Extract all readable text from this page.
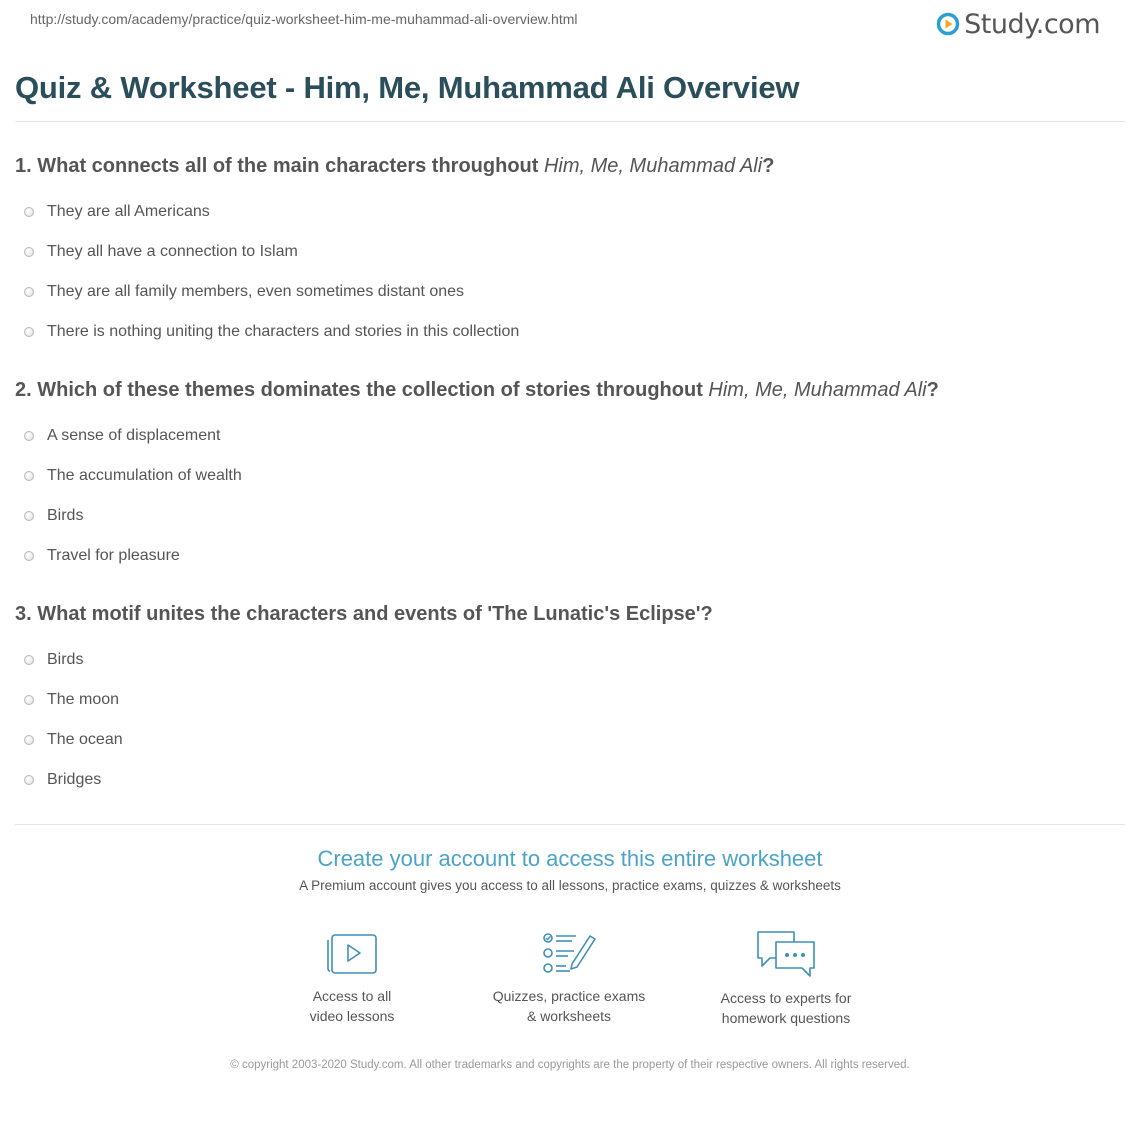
http://study.com/academy/practice/quiz-worksheet-him-me-muhammad-ali-overview.html	Study.com
Quiz & Worksheet - Him, Me, Muhammad Ali Overview
1. What connects all of the main characters throughout Him, Me, Muhammad Ali?
They are all Americans
They all have a connection to Islam
They are all family members, even sometimes distant ones
There is nothing uniting the characters and stories in this collection
2. Which of these themes dominates the collection of stories throughout Him, Me, Muhammad Ali?
A sense of displacement
The accumulation of wealth
Birds
Travel for pleasure
3. What motif unites the characters and events of 'The Lunatic's Eclipse'?
Birds
The moon
The ocean
Bridges
Create your account to access this entire worksheet
A Premium account gives you access to all lessons, practice exams, quizzes & worksheets
Access to all
video lessons
Quizzes, practice exams
& worksheets
Access to experts for
homework questions
© copyright 2003-2020 Study.com. All other trademarks and copyrights are the property of their respective owners. All rights reserved.
